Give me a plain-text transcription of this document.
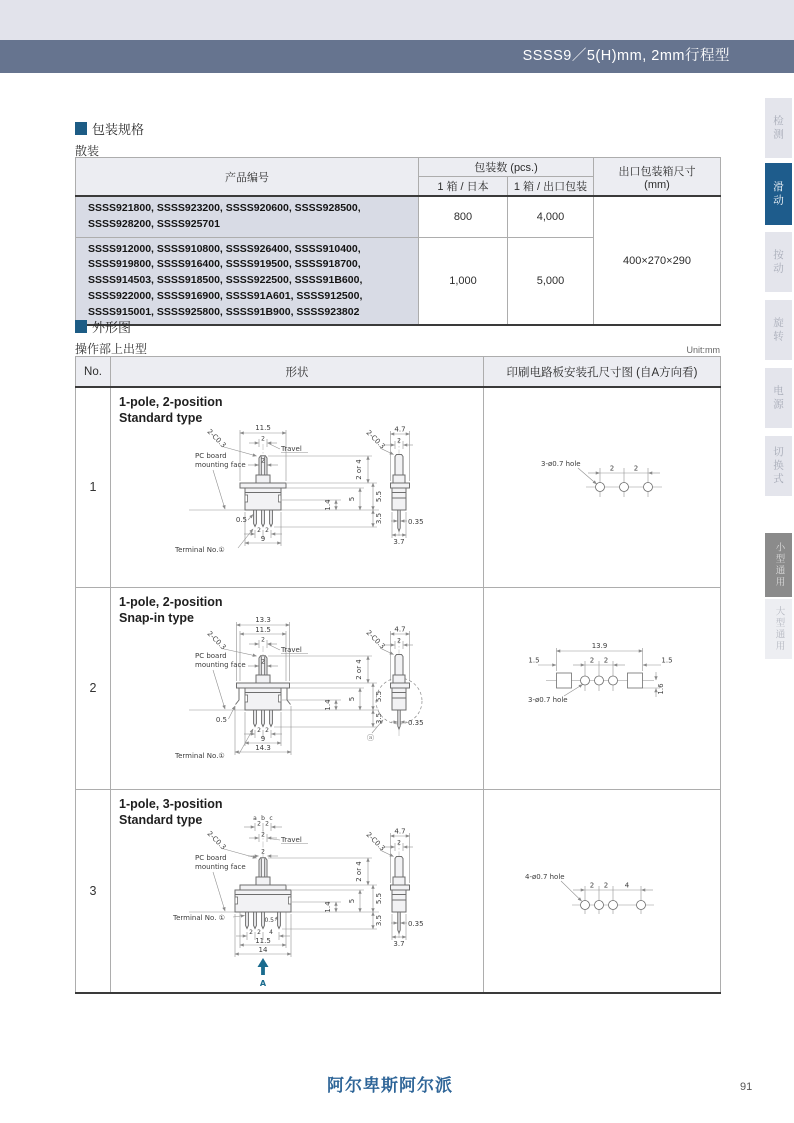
SSSS9／5(H)mm, 2mm行程型
检测
滑动
按动
旋转
电源
切换式
小型通用
大型通用
包装规格
散装
产品编号	包装数 (pcs.)		出口包装箱尺寸
(mm)

	1 箱 / 日本	1 箱 / 出口包装	
SSSS921800, SSSS923200, SSSS920600, SSSS928500, SSSS928200, SSSS925701	800	4,000	400×270×290
SSSS912000, SSSS910800, SSSS926400, SSSS910400, SSSS919800, SSSS916400, SSSS919500, SSSS918700, SSSS914503, SSSS918500, SSSS922500, SSSS91B600, SSSS922000, SSSS916900, SSSS91A601, SSSS912500, SSSS915001, SSSS925800, SSSS91B900, SSSS923802	1,000	5,000	
外形图
操作部上出型	Unit:mm
No.	形状	印刷电路板安装孔尺寸图 (自A方向看)
1	
1-pole, 2-position
Standard type
11.5
2
Travel
2
2-C0.3
PC board
mounting face	2 or 4
5.5
5
1.4
3.5
0.5
2 2
9
Terminal No.①
4.7
2
2-C0.3
0.35
3.7

3-ø0.7 hole
2	2

2	
1-pole, 2-position
Snap-in type	13.3
11.5
2
Travel
2
2-C0.3
PC board
mounting face	2 or 4
5.5
5
1.4
3.5
0.5
2 2
9
14.3
Terminal No.①
4.7
2
2-C0.3
0.35
ⓐ

13.9
1.5	2 2	1.5
1.6
3-ø0.7 hole

3	
1-pole, 3-position
Standard type	a b c
2 2
Travel
2
2
2-C0.3
PC board
mounting face	2 or 4
5.5
5
1.4
3.5
0.5
2 2 4
11.5
14
Terminal No. ①
A
4.7
2
2-C0.3
0.35
3.7

4-ø0.7 hole
2 2 4
阿尔卑斯阿尔派	91
